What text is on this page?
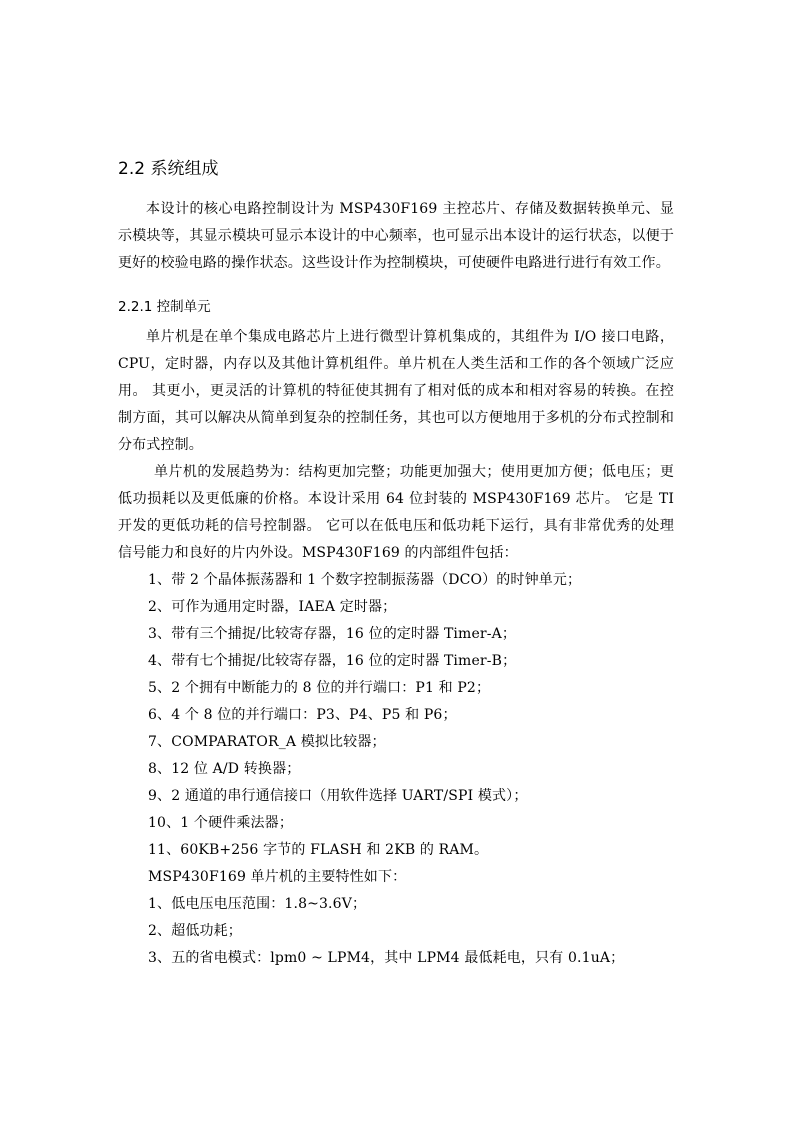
2.2 系统组成

本设计的核心电路控制设计为 MSP430F169 主控芯片、存储及数据转换单元、显示模块等，其显示模块可显示本设计的中心频率，也可显示出本设计的运行状态，以便于更好的校验电路的操作状态。这些设计作为控制模块，可使硬件电路进行进行有效工作。

2.2.1 控制单元

单片机是在单个集成电路芯片上进行微型计算机集成的，其组件为 I/O 接口电路， CPU，定时器，内存以及其他计算机组件。单片机在人类生活和工作的各个领域广泛应用。 其更小，更灵活的计算机的特征使其拥有了相对低的成本和相对容易的转换。在控制方面，其可以解决从简单到复杂的控制任务，其也可以方便地用于多机的分布式控制和分布式控制。

单片机的发展趋势为：结构更加完整；功能更加强大；使用更加方便；低电压；更低功损耗以及更低廉的价格。本设计采用 64 位封装的 MSP430F169 芯片。 它是 TI 开发的更低功耗的信号控制器。 它可以在低电压和低功耗下运行，具有非常优秀的处理信号能力和良好的片内外设。MSP430F169 的内部组件包括：

1、带 2 个晶体振荡器和 1 个数字控制振荡器（DCO）的时钟单元；
2、可作为通用定时器，IAEA 定时器；
3、带有三个捕捉/比较寄存器，16 位的定时器 Timer-A；
4、带有七个捕捉/比较寄存器，16 位的定时器 Timer-B；
5、2 个拥有中断能力的 8 位的并行端口：P1 和 P2；
6、4 个 8 位的并行端口：P3、P4、P5 和 P6；
7、COMPARATOR_A 模拟比较器；
8、12 位 A/D 转换器；
9、2 通道的串行通信接口（用软件选择 UART/SPI 模式）；
10、1 个硬件乘法器；
11、60KB+256 字节的 FLASH 和 2KB 的 RAM。
MSP430F169 单片机的主要特性如下：
1、低电压电压范围：1.8~3.6V；
2、超低功耗；
3、五的省电模式：lpm0 ~ LPM4，其中 LPM4 最低耗电，只有 0.1uA；
